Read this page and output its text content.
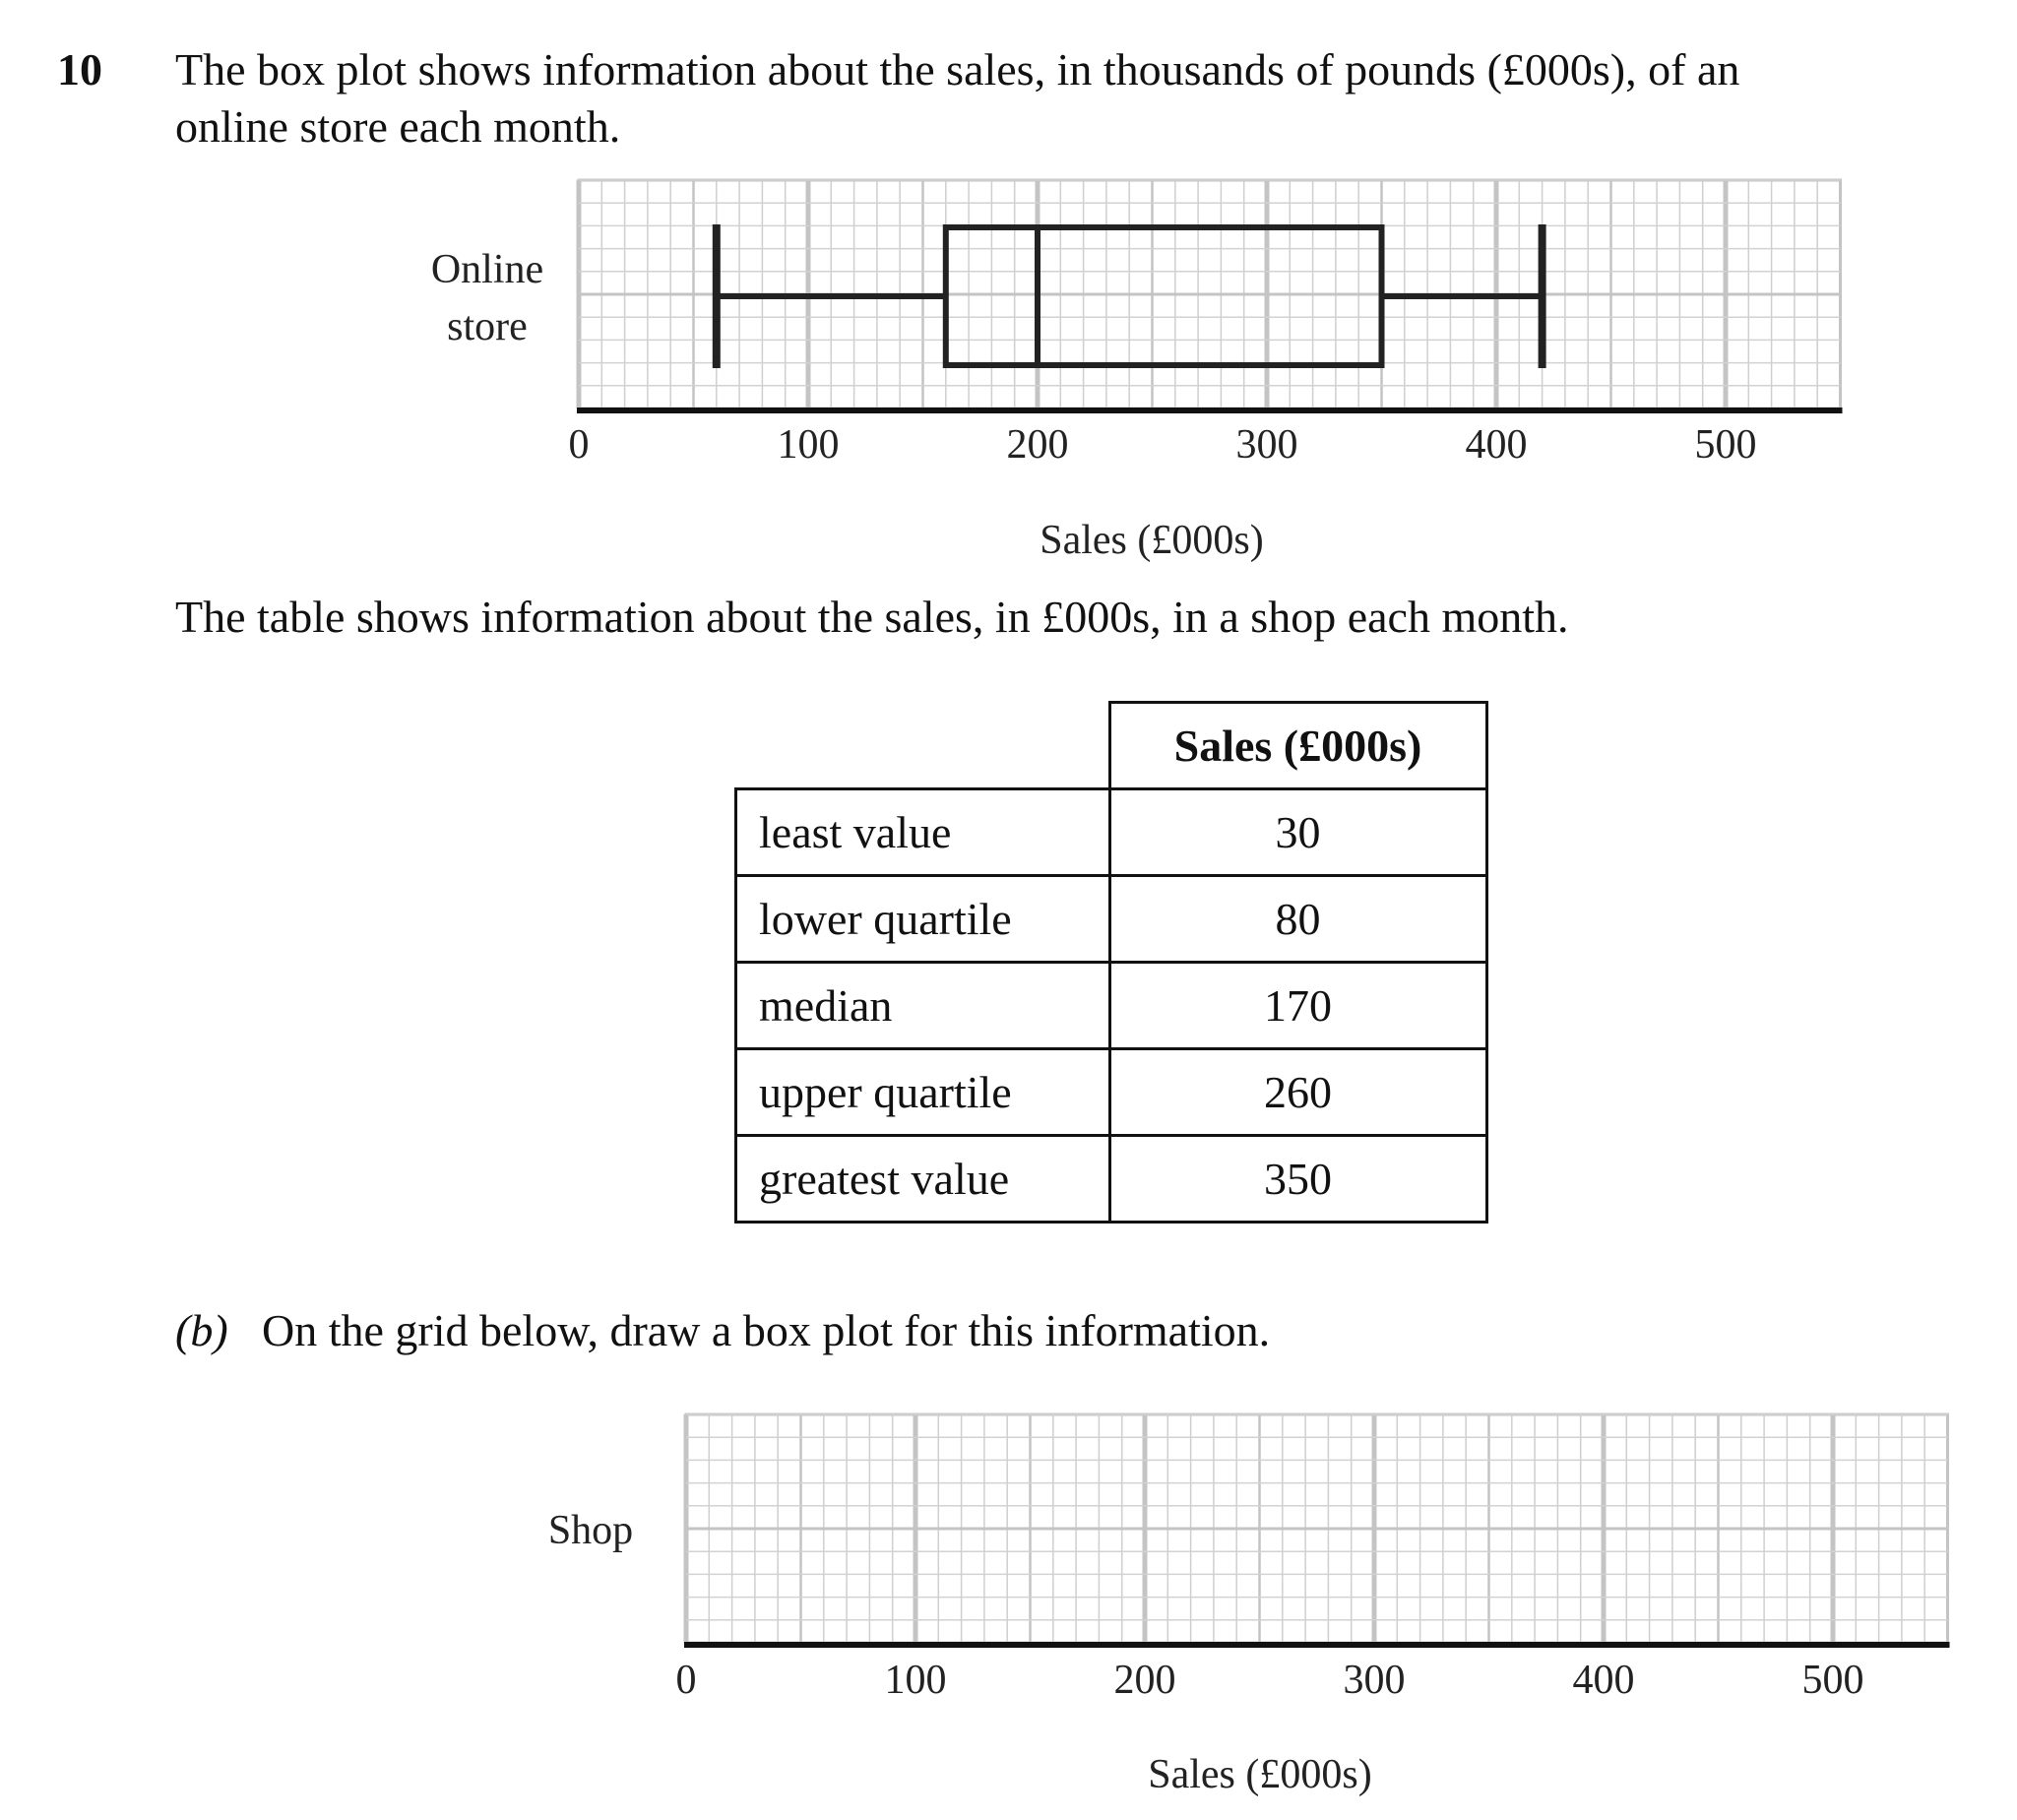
10 The box plot shows information about the sales, in thousands of pounds (£000s), of an
online store each month.
Online
store
0	100	200	300	400	500
Sales (£000s)
The table shows information about the sales, in £000s, in a shop each month.
	Sales (£000s)
least value	30
lower quartile	80
median	170
upper quartile	260
greatest value	350
(b) On the grid below, draw a box plot for this information.
Shop
0	100	200	300	400	500
Sales (£000s)
